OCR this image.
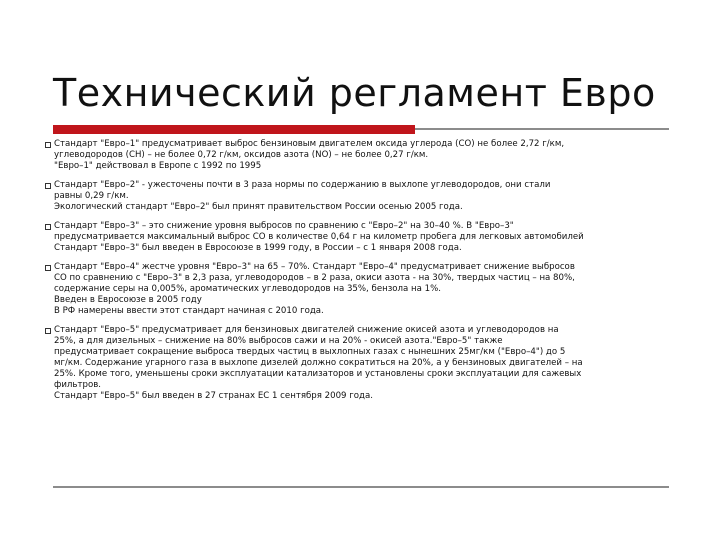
Технический регламент Евро
Стандарт "Евро–1" предусматривает выброс бензиновым двигателем оксида углерода (СО) не более 2,72 г/км,
углеводородов (CH) – не более 0,72 г/км, оксидов азота (NO) – не более 0,27 г/км.
"Евро–1" действовал в Европе с 1992 по 1995
Стандарт "Евро–2" - ужесточены почти в 3 раза нормы по содержанию в выхлопе углеводородов, они стали
равны 0,29 г/км.
Экологический стандарт "Евро–2" был принят правительством России осенью 2005 года.
Стандарт "Евро–3" – это снижение уровня выбросов по сравнению с "Евро–2" на 30–40 %. В "Евро–3"
предусматривается максимальный выброс CO в количестве 0,64 г на километр пробега для легковых автомобилей
Стандарт "Евро–3" был введен в Евросоюзе в 1999 году, в России – с 1 января 2008 года.
Стандарт "Евро–4" жестче уровня "Евро–3" на 65 – 70%. Стандарт "Евро–4" предусматривает снижение выбросов
СО по сравнению с "Евро–3" в 2,3 раза, углеводородов – в 2 раза, окиси азота - на 30%, твердых частиц – на 80%,
содержание серы на 0,005%, ароматических углеводородов на 35%, бензола на 1%.
Введен в Евросоюзе в 2005 году
В РФ намерены ввести этот стандарт начиная с 2010 года.
Стандарт "Евро–5" предусматривает для бензиновых двигателей снижение окисей азота и углеводородов на
25%, а для дизельных – снижение на 80% выбросов сажи и на 20% - окисей азота."Евро–5" также
предусматривает сокращение выброса твердых частиц в выхлопных газах с нынешних 25мг/км ("Евро–4") до 5
мг/км. Содержание угарного газа в выхлопе дизелей должно сократиться на 20%, а у бензиновых двигателей – на
25%. Кроме того, уменьшены сроки эксплуатации катализаторов и установлены сроки эксплуатации для сажевых
фильтров.
Стандарт "Евро–5" был введен в 27 странах ЕС 1 сентября 2009 года.
